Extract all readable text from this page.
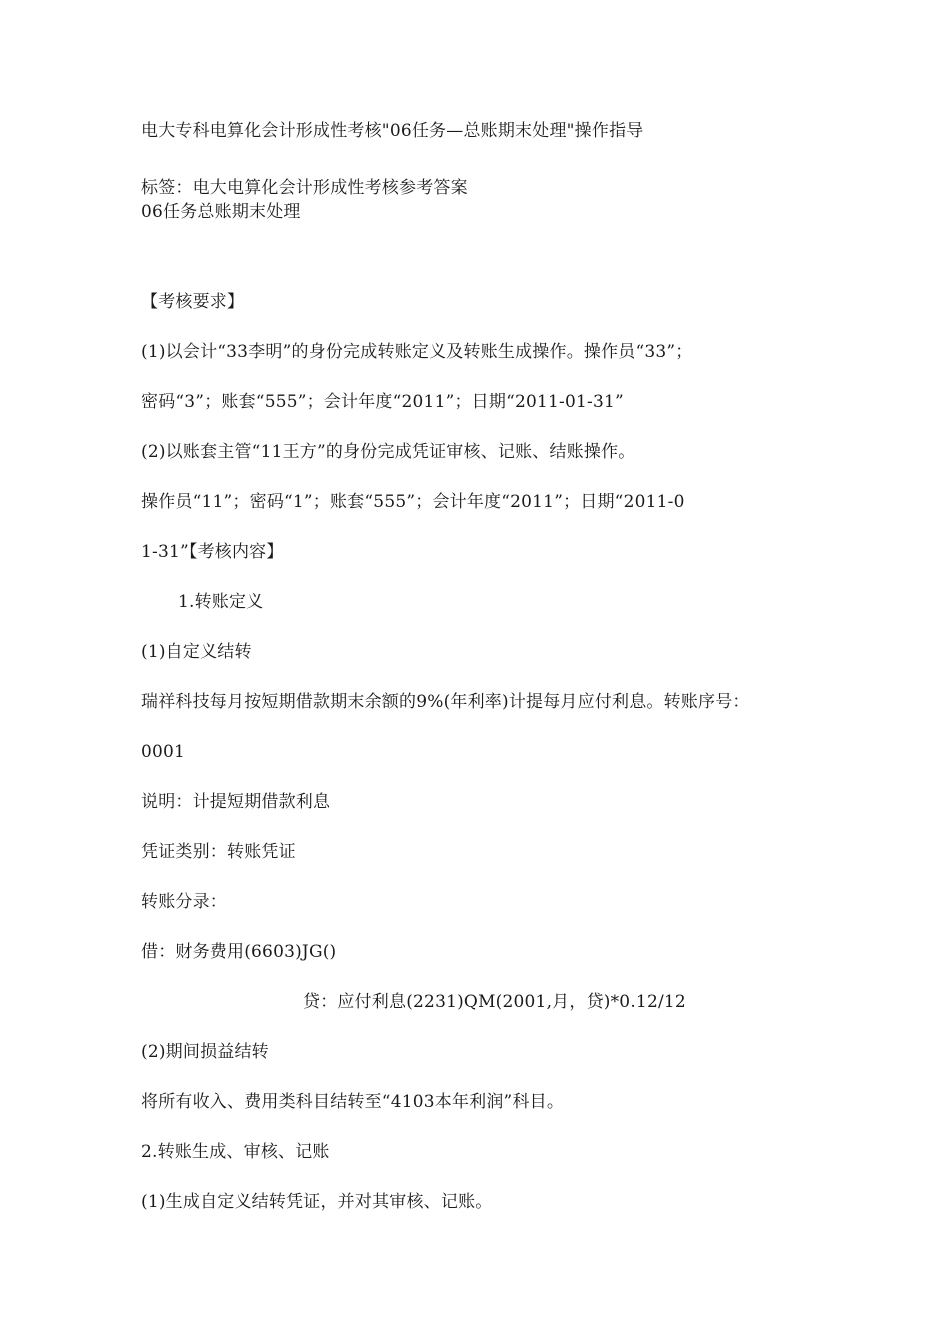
电大专科电算化会计形成性考核"06任务—总账期末处理"操作指导
标签：电大电算化会计形成性考核参考答案
06任务总账期末处理
【考核要求】
(1)以会计“33李明”的身份完成转账定义及转账生成操作。操作员“33”；
密码“3”；账套“555”；会计年度“2011”；日期“2011-01-31”
(2)以账套主管“11王方”的身份完成凭证审核、记账、结账操作。
操作员“11”；密码“1”；账套“555”；会计年度“2011”；日期“2011-0
1-31”【考核内容】
1.转账定义
(1)自定义结转
瑞祥科技每月按短期借款期末余额的9%(年利率)计提每月应付利息。转账序号：
0001
说明：计提短期借款利息
凭证类别：转账凭证
转账分录：
借：财务费用(6603)JG()
贷：应付利息(2231)QM(2001,月，贷)*0.12/12
(2)期间损益结转
将所有收入、费用类科目结转至“4103本年利润”科目。
2.转账生成、审核、记账
(1)生成自定义结转凭证，并对其审核、记账。
